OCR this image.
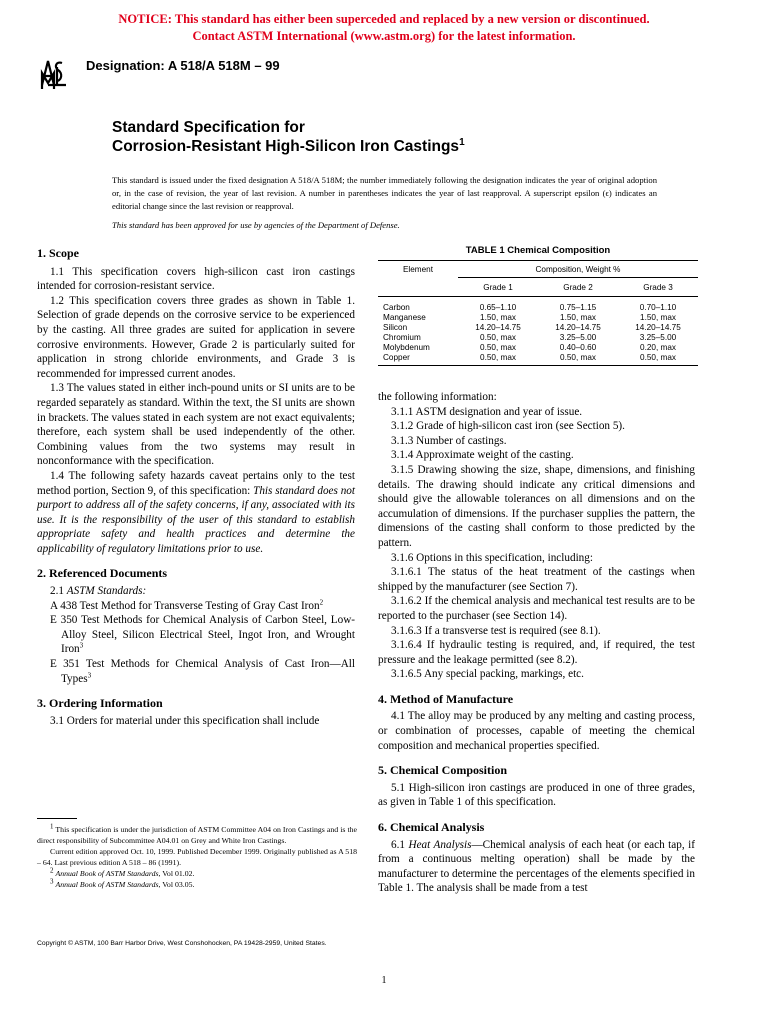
NOTICE: This standard has either been superceded and replaced by a new version or discontinued.
Contact ASTM International (www.astm.org) for the latest information.
Designation: A 518/A 518M – 99
Standard Specification for
Corrosion-Resistant High-Silicon Iron Castings$^1$

This standard is issued under the fixed designation A 518/A 518M; the number immediately following the designation indicates the year of original adoption or, in the case of revision, the year of last revision. A number in parentheses indicates the year of last reapproval. A superscript epsilon (ϵ) indicates an editorial change since the last revision or reapproval.

This standard has been approved for use by agencies of the Department of Defense.

1. Scope

1.1 This specification covers high-silicon cast iron castings intended for corrosion-resistant service.

1.2 This specification covers three grades as shown in Table 1. Selection of grade depends on the corrosive service to be experienced by the casting. All three grades are suited for application in severe corrosive environments. However, Grade 2 is particularly suited for application in strong chloride environments, and Grade 3 is recommended for impressed current anodes.

1.3 The values stated in either inch-pound units or SI units are to be regarded separately as standard. Within the text, the SI units are shown in brackets. The values stated in each system are not exact equivalents; therefore, each system shall be used independently of the other. Combining values from the two systems may result in nonconformance with the specification.

1.4 The following safety hazards caveat pertains only to the test method portion, Section 9, of this specification: This standard does not purport to address all of the safety concerns, if any, associated with its use. It is the responsibility of the user of this standard to establish appropriate safety and health practices and determine the applicability of regulatory limitations prior to use.

2. Referenced Documents

2.1 ASTM Standards:

A 438 Test Method for Transverse Testing of Gray Cast Iron$^2$

E 350 Test Methods for Chemical Analysis of Carbon Steel, Low-Alloy Steel, Silicon Electrical Steel, Ingot Iron, and Wrought Iron$^3$

E 351 Test Methods for Chemical Analysis of Cast Iron—All Types$^3$

3. Ordering Information

3.1 Orders for material under this specification shall include

$^1$ This specification is under the jurisdiction of ASTM Committee A04 on Iron Castings and is the direct responsibility of Subcommittee A04.01 on Grey and White Iron Castings.

Current edition approved Oct. 10, 1999. Published December 1999. Originally published as A 518 – 64. Last previous edition A 518 – 86 (1991).

$^2$ Annual Book of ASTM Standards, Vol 01.02.

$^3$ Annual Book of ASTM Standards, Vol 03.05.

TABLE 1 Chemical Composition
Element	Composition, Weight %		
	Grade 1	Grade 2	Grade 3

Carbon	0.65–1.10	0.75–1.15	0.70–1.10
Manganese	1.50, max	1.50, max	1.50, max
Silicon	14.20–14.75	14.20–14.75	14.20–14.75
Chromium	0.50, max	3.25–5.00	3.25–5.00
Molybdenum	0.50, max	0.40–0.60	0.20, max
Copper	0.50, max	0.50, max	0.50, max

the following information:

3.1.1 ASTM designation and year of issue.

3.1.2 Grade of high-silicon cast iron (see Section 5).

3.1.3 Number of castings.

3.1.4 Approximate weight of the casting.

3.1.5 Drawing showing the size, shape, dimensions, and finishing details. The drawing should indicate any critical dimensions and should give the allowable tolerances on all dimensions and on the accumulation of dimensions. If the purchaser supplies the pattern, the dimensions of the casting shall conform to those predicted by the pattern.

3.1.6 Options in this specification, including:

3.1.6.1 The status of the heat treatment of the castings when shipped by the manufacturer (see Section 7).

3.1.6.2 If the chemical analysis and mechanical test results are to be reported to the purchaser (see Section 14).

3.1.6.3 If a transverse test is required (see 8.1).

3.1.6.4 If hydraulic testing is required, and, if required, the test pressure and the leakage permitted (see 8.2).

3.1.6.5 Any special packing, markings, etc.

4. Method of Manufacture

4.1 The alloy may be produced by any melting and casting process, or combination of processes, capable of meeting the chemical composition and mechanical properties specified.

5. Chemical Composition

5.1 High-silicon iron castings are produced in one of three grades, as given in Table 1 of this specification.

6. Chemical Analysis

6.1 Heat Analysis—Chemical analysis of each heat (or each tap, if from a continuous melting operation) shall be made by the manufacturer to determine the percentages of the elements specified in Table 1. The analysis shall be made from a test

Copyright © ASTM, 100 Barr Harbor Drive, West Conshohocken, PA 19428-2959, United States.
1
